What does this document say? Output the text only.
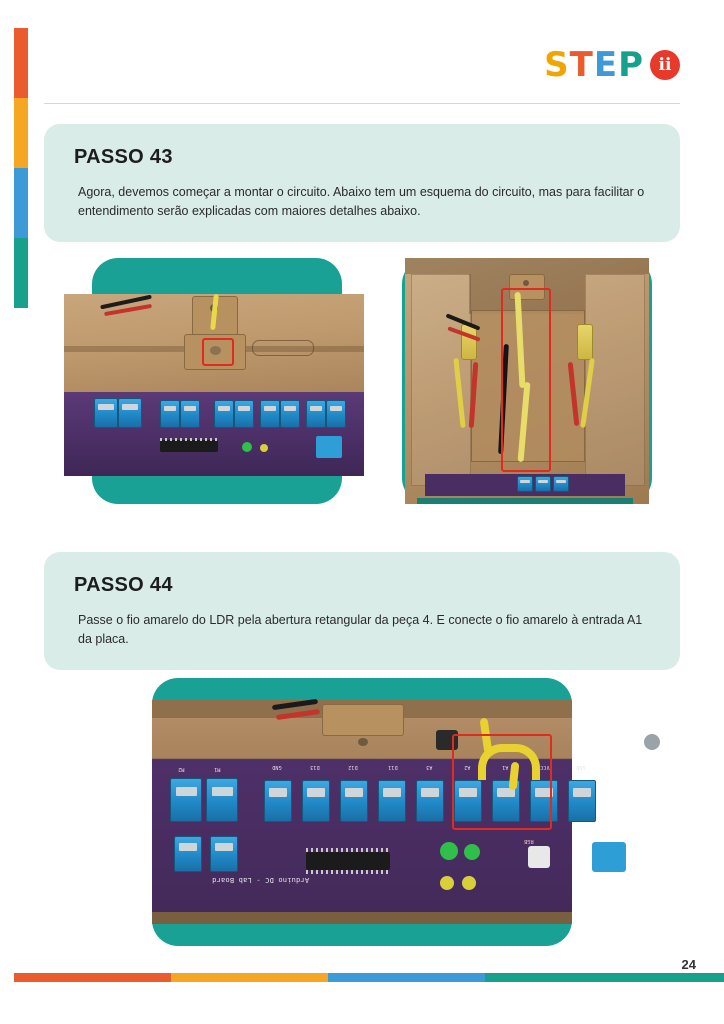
STEP ii
PASSO 43

Agora, devemos começar a montar o circuito. Abaixo tem um esquema do circuito, mas para facilitar o entendimento serão explicadas com maiores detalhes abaixo.

PASSO 44

Passe o fio amarelo do LDR pela abertura retangular da peça 4. E conecte o fio amarelo à entrada A1 da placa.

M2	M1	GND	D13	D12	D11	A3	A2	A1	VCC	GND
RGB
Arduino DC - Lab Board
24
